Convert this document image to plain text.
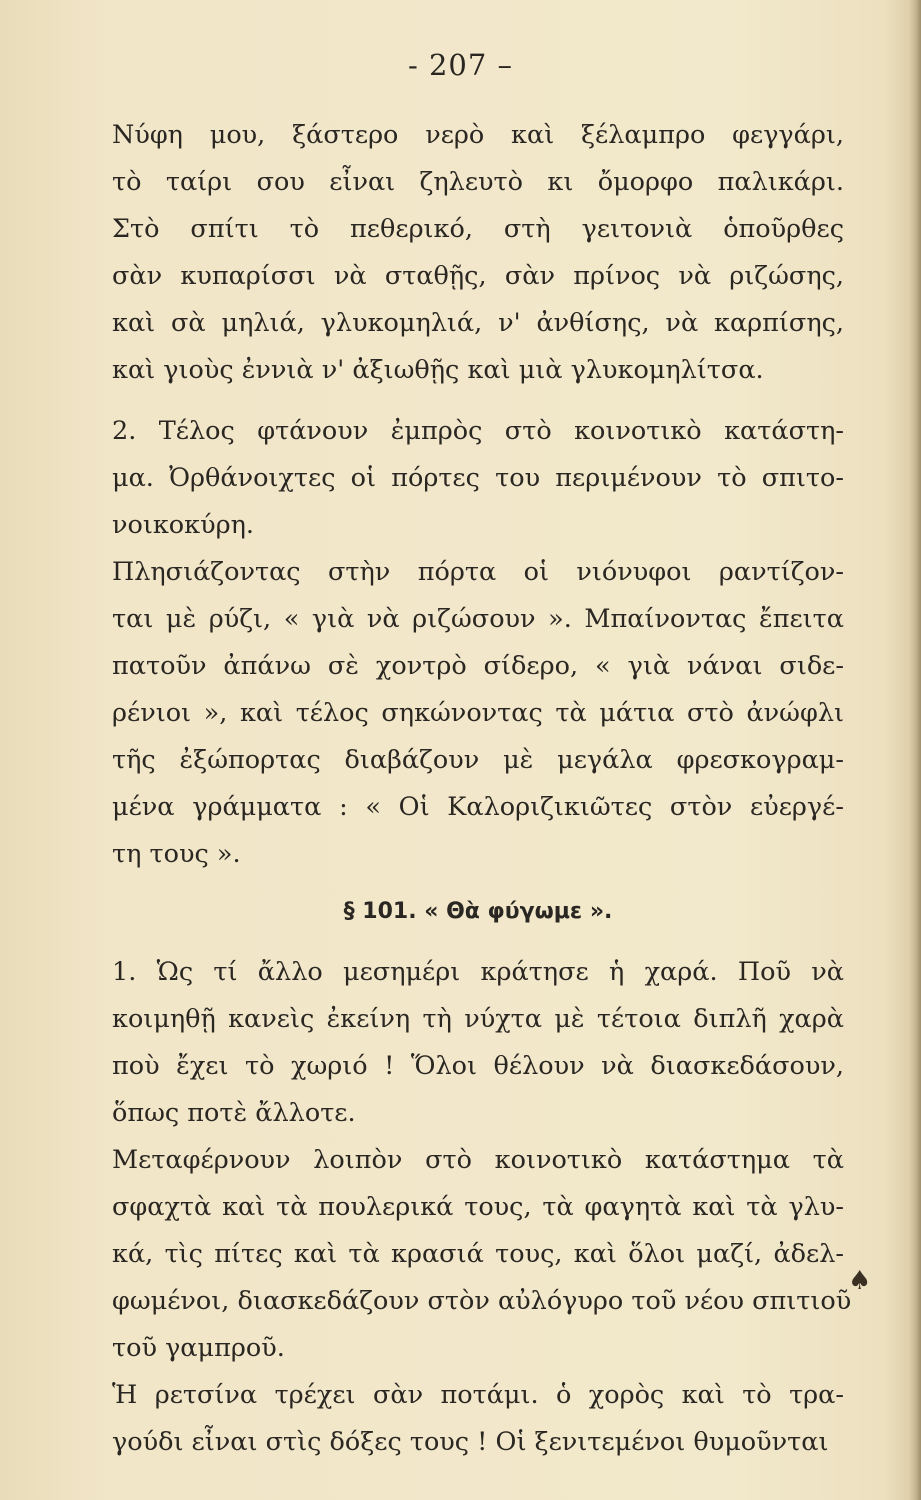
- 207 –
Νύφη μου, ξάστερο νερὸ καὶ ξέλαμπρο φεγγάρι,
τὸ ταίρι σου εἶναι ζηλευτὸ κι ὄμορφο παλικάρι.
Στὸ σπίτι τὸ πεθερικό, στὴ γειτονιὰ ὁποῦρθες
σὰν κυπαρίσσι νὰ σταθῇς, σὰν πρίνος νὰ ριζώσης,
καὶ σὰ μηλιά, γλυκομηλιά, ν' ἀνθίσης, νὰ καρπίσης,
καὶ γιοὺς ἐννιὰ ν' ἀξιωθῇς καὶ μιὰ γλυκομηλίτσα.
2. Τέλος φτάνουν ἐμπρὸς στὸ κοινοτικὸ κατάστη-
μα. Ὀρθάνοιχτες οἱ πόρτες του περιμένουν τὸ σπιτο-
νοικοκύρη.
Πλησιάζοντας στὴν πόρτα οἱ νιόνυφοι ραντίζον-
ται μὲ ρύζι, « γιὰ νὰ ριζώσουν ». Μπαίνοντας ἔπειτα
πατοῦν ἀπάνω σὲ χοντρὸ σίδερο, « γιὰ νάναι σιδε-
ρένιοι », καὶ τέλος σηκώνοντας τὰ μάτια στὸ ἀνώφλι
τῆς ἐξώπορτας διαβάζουν μὲ μεγάλα φρεσκογραμ-
μένα γράμματα : « Οἱ Καλοριζικιῶτες στὸν εὐεργέ-
τη τους ».
§ 101. « Θὰ φύγωμε ».
1. Ὡς τί ἄλλο μεσημέρι κράτησε ἡ χαρά. Ποῦ νὰ
κοιμηθῇ κανεὶς ἐκείνη τὴ νύχτα μὲ τέτοια διπλῆ χαρὰ
ποὺ ἔχει τὸ χωριό ! Ὅλοι θέλουν νὰ διασκεδάσουν,
ὅπως ποτὲ ἄλλοτε.
Μεταφέρνουν λοιπὸν στὸ κοινοτικὸ κατάστημα τὰ
σφαχτὰ καὶ τὰ πουλερικά τους, τὰ φαγητὰ καὶ τὰ γλυ-
κά, τὶς πίτες καὶ τὰ κρασιά τους, καὶ ὅλοι μαζί, ἀδελ-
φωμένοι, διασκεδάζουν στὸν αὐλόγυρο τοῦ νέου σπιτιοῦ
τοῦ γαμπροῦ.
Ἡ ρετσίνα τρέχει σὰν ποτάμι. ὁ χορὸς καὶ τὸ τρα-
γούδι εἶναι στὶς δόξες τους ! Οἱ ξενιτεμένοι θυμοῦνται
♠
